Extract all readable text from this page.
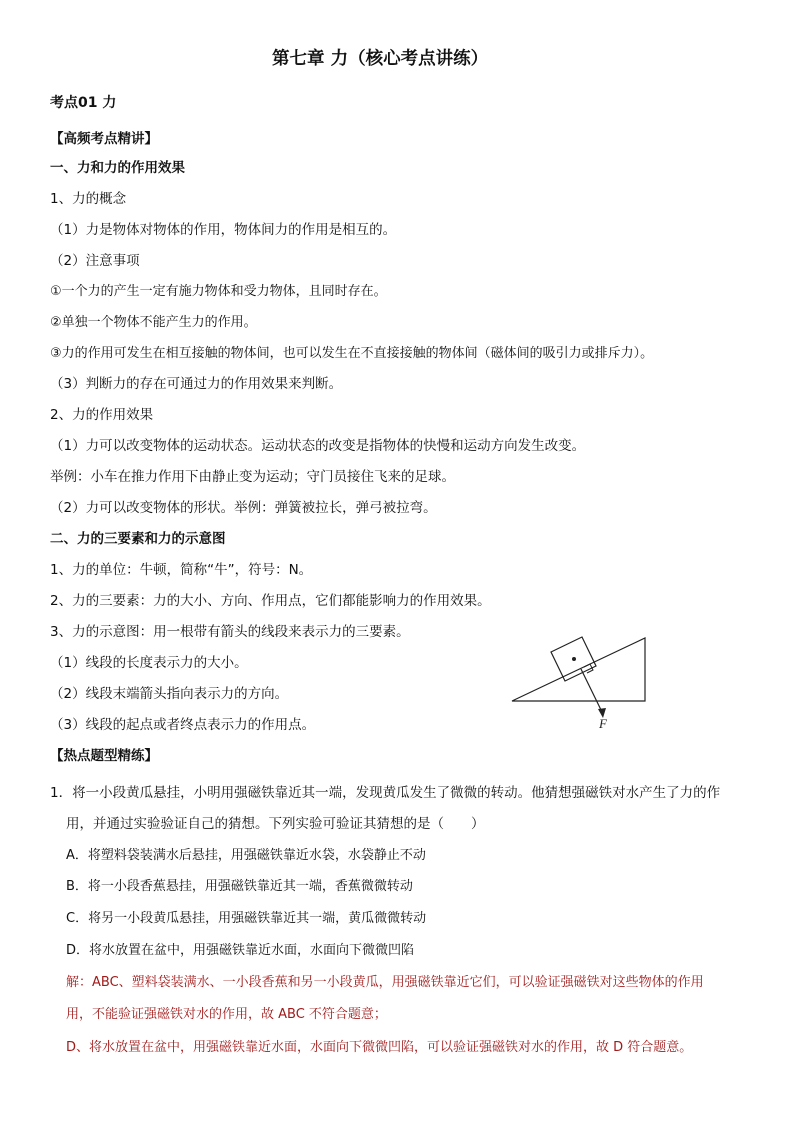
第七章 力（核心考点讲练）
考点01 力
【高频考点精讲】
一、力和力的作用效果
1、力的概念
（1）力是物体对物体的作用，物体间力的作用是相互的。
（2）注意事项
①一个力的产生一定有施力物体和受力物体，且同时存在。
②单独一个物体不能产生力的作用。
③力的作用可发生在相互接触的物体间，也可以发生在不直接接触的物体间（磁体间的吸引力或排斥力）。
（3）判断力的存在可通过力的作用效果来判断。
2、力的作用效果
（1）力可以改变物体的运动状态。运动状态的改变是指物体的快慢和运动方向发生改变。
举例：小车在推力作用下由静止变为运动；守门员接住飞来的足球。
（2）力可以改变物体的形状。举例：弹簧被拉长，弹弓被拉弯。
二、力的三要素和力的示意图
1、力的单位：牛顿，简称“牛”，符号：N。
2、力的三要素：力的大小、方向、作用点，它们都能影响力的作用效果。
3、力的示意图：用一根带有箭头的线段来表示力的三要素。
（1）线段的长度表示力的大小。
（2）线段末端箭头指向表示力的方向。
（3）线段的起点或者终点表示力的作用点。	F
【热点题型精练】
1．将一小段黄瓜悬挂，小明用强磁铁靠近其一端，发现黄瓜发生了微微的转动。他猜想强磁铁对水产生了力的作
用，并通过实验验证自己的猜想。下列实验可验证其猜想的是（　　）
A．将塑料袋装满水后悬挂，用强磁铁靠近水袋，水袋静止不动
B．将一小段香蕉悬挂，用强磁铁靠近其一端，香蕉微微转动
C．将另一小段黄瓜悬挂，用强磁铁靠近其一端，黄瓜微微转动
D．将水放置在盆中，用强磁铁靠近水面，水面向下微微凹陷
解：ABC、塑料袋装满水、一小段香蕉和另一小段黄瓜，用强磁铁靠近它们，可以验证强磁铁对这些物体的作用
用，不能验证强磁铁对水的作用，故 ABC 不符合题意；
D、将水放置在盆中，用强磁铁靠近水面，水面向下微微凹陷，可以验证强磁铁对水的作用，故 D 符合题意。
